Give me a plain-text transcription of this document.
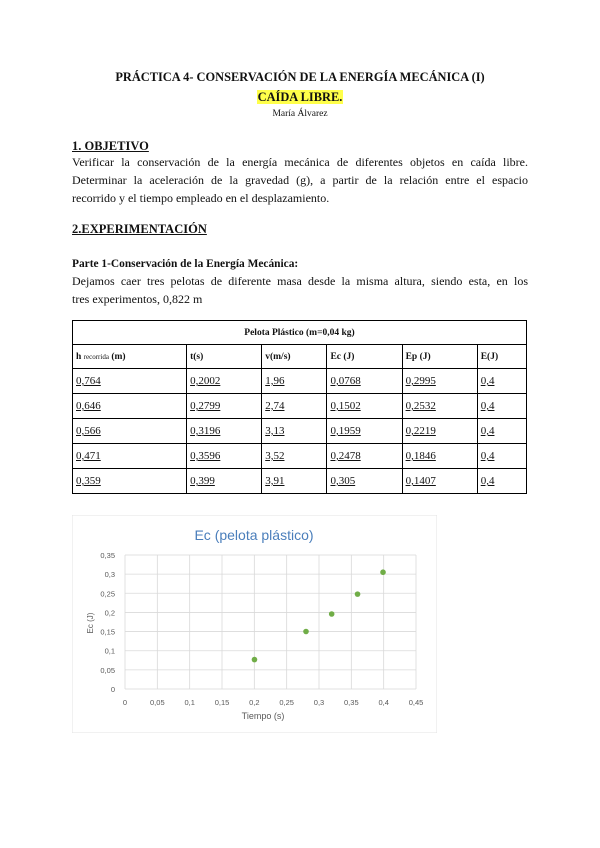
PRÁCTICA 4- CONSERVACIÓN DE LA ENERGÍA MECÁNICA (I)
CAÍDA LIBRE.
María Álvarez
1. OBJETIVO
Verificar la conservación de la energía mecánica de diferentes objetos en caída libre.
Determinar la aceleración de la gravedad (g), a partir de la relación entre el espacio
recorrido y el tiempo empleado en el desplazamiento.
2.EXPERIMENTACIÓN
Parte 1-Conservación de la Energía Mecánica:
Dejamos caer tres pelotas de diferente masa desde la misma altura, siendo esta, en los
tres experimentos, 0,822 m
Pelota Plástico (m=0,04 kg)					
h recorrida (m)	t(s)	v(m/s)	Ec (J)	Ep (J)	E(J)
0,764	0,2002	1,96	0,0768	0,2995	0,4
0,646	0,2799	2,74	0,1502	0,2532	0,4
0,566	0,3196	3,13	0,1959	0,2219	0,4
0,471	0,3596	3,52	0,2478	0,1846	0,4
0,359	0,399	3,91	0,305	0,1407	0,4
Ec (pelota plástico)
0	0,05	0,1	0,15	0,2	0,25	0,3	0,35	0,4	0,45
0
0,05
0,1
0,15
0,2
0,25
0,3
0,35
Tiempo (s)
Ec (J)
